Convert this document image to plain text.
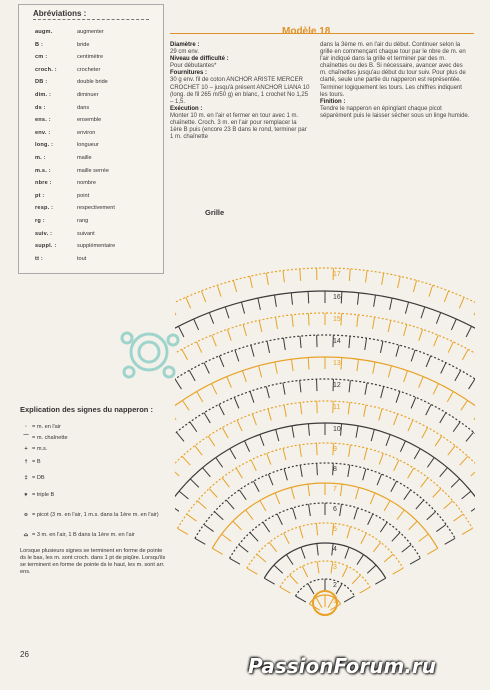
Abréviations :
augm.	augmenter
B :	bride
cm :	centimètre
croch. :	crocheter
DB :	double bride
dim. :	diminuer
ds :	dans
ens. :	ensemble
env. :	environ
long. :	longueur
m. :	maille
m.s. :	maille serrée
nbre :	nombre
pt :	point
resp. :	respectivement
rg :	rang
suiv. :	suivant
suppl. :	supplémentaire
tt :	tout
Modèle 18
Diamètre :
29 cm env.
Niveau de difficulté :
Pour débutantes*
Fournitures :
30 g env. fil de coton ANCHOR ARISTE MERCER CROCHET 10 – jusqu'à présent ANCHOR LIANA 10 (long. de fil 265 m/50 g) en blanc, 1 crochet No 1,25 – 1,5.
Exécution :
Monter 10 m. en l'air et fermer en tour avec 1 m. chaînette. Croch. 3 m. en l'air pour remplacer la 1ère B puis (encore 23 B dans le rond, terminer par 1 m. chaînette
dans la 3ème m. en l'air du début. Continuer selon la grille en commençant chaque tour par le nbre de m. en l'air indiqué dans la grille et terminer par des m. chaînettes ou des B. Si nécessaire, avancer avec des m. chaînettes jusqu'au début du tour suiv. Pour plus de clarté, seule une partie du napperon est représentée. Terminer logiquement les tours. Les chiffres indiquent les tours.
Finition :
Tendre le napperon en épinglant chaque picot séparément puis le laisser sécher sous un linge humide.
Grille
1
2
3
4
5
6
7
8
9
10
11
12
13
14
15
16
17
Explication des signes du napperon :
· = m. en l'air
⌒ = m. chaînette
+ = m.s.
† = B
‡ = DB
⧧ = triple B
ο = picot (3 m. en l'air, 1 m.s. dans la 1ère m. en l'air)
⌓ = 3 m. en l'air, 1 B dans la 1ère m. en l'air
Lorsque plusieurs signes se terminent en forme de pointe ds le bas, les m. sont croch. dans 1 pt de piqûre. Lorsqu'ils se terminent en forme de pointe ds le haut, les m. sont arr. ens.
26	PassionForum.ru
